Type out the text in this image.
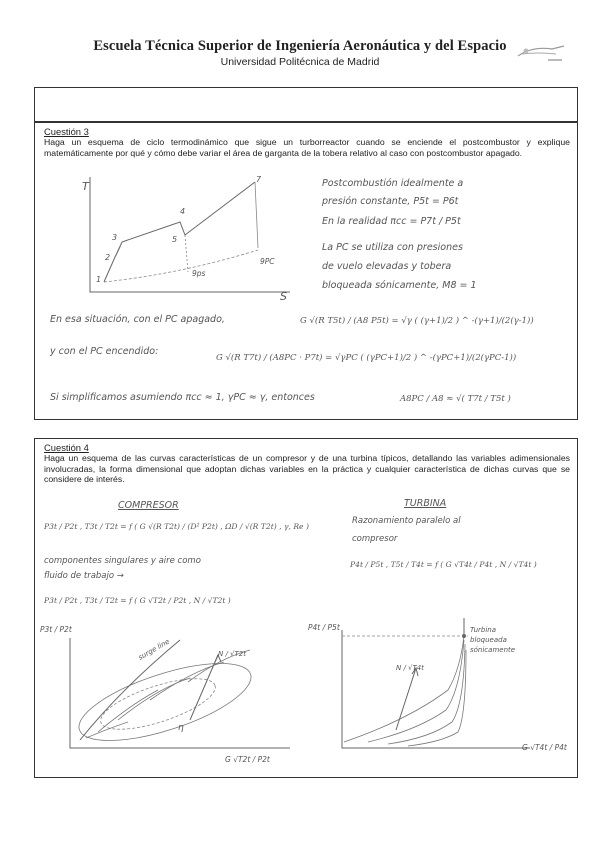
Escuela Técnica Superior de Ingeniería Aeronáutica y del Espacio
Universidad Politécnica de Madrid
Cuestión 3
Haga un esquema de ciclo termodinámico que sigue un turborreactor cuando se enciende el postcombustor y explique matemáticamente por qué y cómo debe variar el área de garganta de la tobera relativo al caso con postcombustor apagado.
T
S
1
2
3
4
5
7
9PC
9ps
Postcombustión idealmente a
presión constante, P5t = P6t
En la realidad πcc = P7t / P5t
La PC se utiliza con presiones
de vuelo elevadas y tobera
bloqueada sónicamente, M8 = 1
En esa situación, con el PC apagado,	G √(R T5t) / (A8 P5t) = √γ ( (γ+1)/2 ) ^ -(γ+1)/(2(γ-1))
y con el PC encendido:
G √(R T7t) / (A8PC · P7t) = √γPC ( (γPC+1)/2 ) ^ -(γPC+1)/(2(γPC-1))
Si simplificamos asumiendo πcc ≈ 1, γPC ≈ γ, entonces	A8PC / A8 ≈ √( T7t / T5t )
Cuestión 4
Haga un esquema de las curvas características de un compresor y de una turbina típicos, detallando las variables adimensionales involucradas, la forma dimensional que adoptan dichas variables en la práctica y cualquier característica de dichas curvas que se considere de interés.
COMPRESOR	TURBINA
P3t / P2t , T3t / T2t = f ( G √(R T2t) / (D² P2t) , ΩD / √(R T2t) , γ, Re )
componentes singulares y aire como
fluido de trabajo →
P3t / P2t , T3t / T2t = f ( G √T2t / P2t , N / √T2t )
Razonamiento paralelo al
compresor
P4t / P5t , T5t / T4t = f ( G √T4t / P4t , N / √T4t )
P3t / P2t
surge line	N / √T2t
η
G √T2t / P2t
P4t / P5t
N / √T4t
Turbina
bloqueada
sónicamente
G √T4t / P4t
